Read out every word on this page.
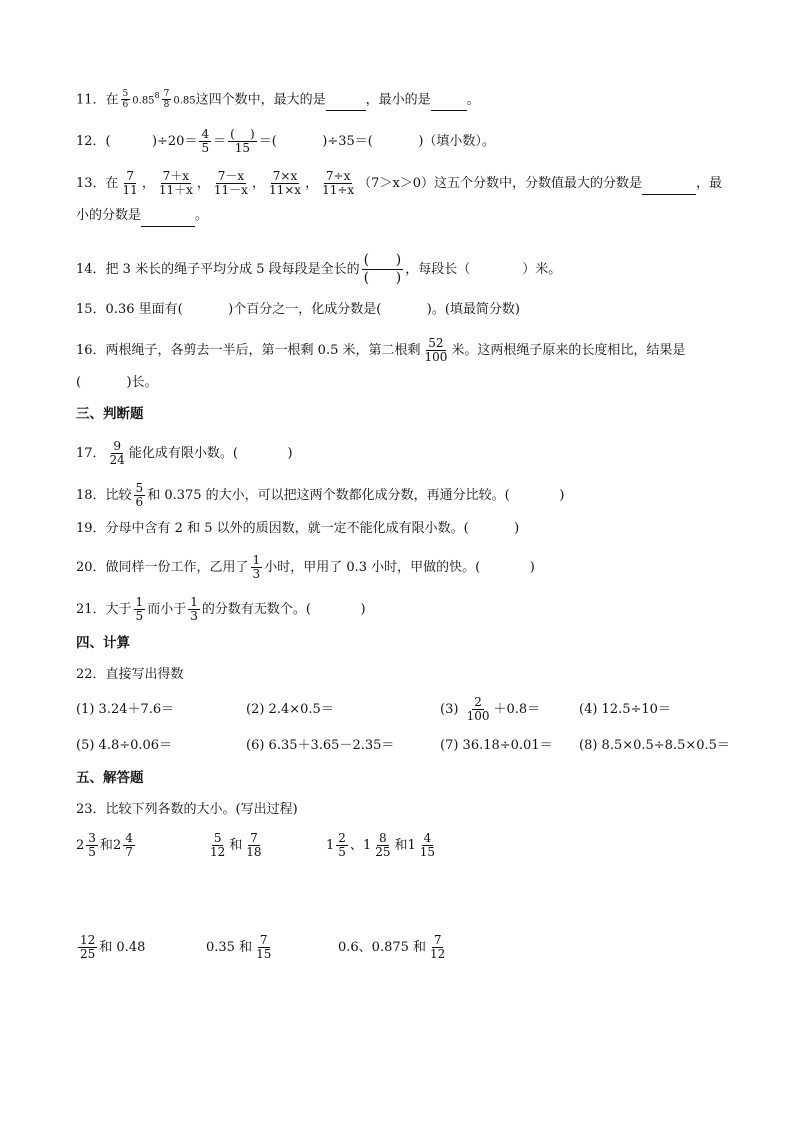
11．在 $\frac{5}{6} 0.85^8 \frac{7}{8} 0.85$这四个数中，最大的是	，最小的是	。
12．(          )$\div 20= \frac{4}{5} = \frac{( )}{15}$ ＝(           )÷35＝(           )（填小数）。
13．在 $\frac{7}{11}$ ， $\frac{7+x}{11+x}$ ， $\frac{7-x}{11-x}$ ， $\frac{7\times x}{11\times x}$ ， $\frac{7\div x}{11\div x} (7>x>0)$这五个分数中，分数值最大的分数是	，最
小的分数是	。
14．把 3 米长的绳子平均分成 5 段每段是全长的 $\frac{( )}{( )}$ ，每段长（	）米。
15．0.36 里面有(           )个百分之一，化成分数是(           )。(填最简分数)
16．两根绳子，各剪去一半后，第一根剩 0.5 米，第二根剩 $\frac{52}{100}$ 米。这两根绳子原来的长度相比，结果是
(           )长。
三、判断题
17． $\frac{9}{24}$ 能化成有限小数。(            )
18．比较 $\frac{5}{6}$ 和 0.375 的大小，可以把这两个数都化成分数，再通分比较。(            )
19．分母中含有 2 和 5 以外的质因数，就一定不能化成有限小数。(           )
20．做同样一份工作，乙用了 $\frac{1}{3}$ 小时，甲用了 0.3 小时，甲做的快。(            )
21．大于 $\frac{1}{5}$ 而小于 $\frac{1}{3}$ 的分数有无数个。(            )
四、计算
22．直接写出得数
(1) 3.24＋7.6＝	(2) 2.4×0.5＝	$(3) \frac{2}{100} +0.8=$	(4) 12.5÷10＝
(5) 4.8÷0.06＝	(6) 6.35＋3.65－2.35＝	(7) 36.18÷0.01＝ (8) 8.5×0.5÷8.5×0.5＝
五、解答题
23．比较下列各数的大小。(写出过程)
$2 \frac{3}{5}$ 和 $2 \frac{4}{7}$	$\frac{5}{12}$ 和 $\frac{7}{18}$	$1 \frac{2}{5}$ 、 $1 \frac{8}{25}$ 和 $1 \frac{4}{15}$
$\frac{12}{25}$ 和 0.48	0.35 和 $\frac{7}{15}$	0.6、0.875 和 $\frac{7}{12}$
